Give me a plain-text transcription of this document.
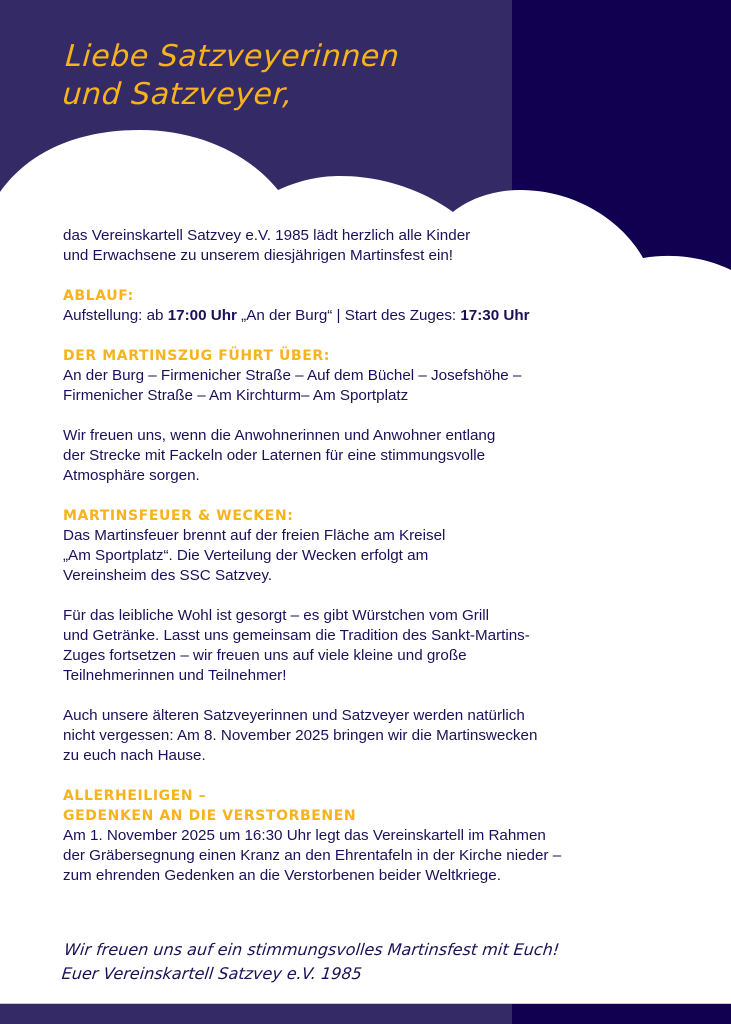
Liebe Satzveyerinnen
und Satzveyer,

das Vereinskartell Satzvey e.V. 1985 lädt herzlich alle Kinder
und Erwachsene zu unserem diesjährigen Martinsfest ein!

ABLAUF:

Aufstellung: ab 17:00 Uhr „An der Burg“ | Start des Zuges: 17:30 Uhr

DER MARTINSZUG FÜHRT ÜBER:

An der Burg – Firmenicher Straße – Auf dem Büchel – Josefshöhe –
Firmenicher Straße – Am Kirchturm– Am Sportplatz

Wir freuen uns, wenn die Anwohnerinnen und Anwohner entlang
der Strecke mit Fackeln oder Laternen für eine stimmungsvolle
Atmosphäre sorgen.

MARTINSFEUER & WECKEN:

Das Martinsfeuer brennt auf der freien Fläche am Kreisel
„Am Sportplatz“. Die Verteilung der Wecken erfolgt am
Vereinsheim des SSC Satzvey.

Für das leibliche Wohl ist gesorgt – es gibt Würstchen vom Grill
und Getränke. Lasst uns gemeinsam die Tradition des Sankt-Martins-
Zuges fortsetzen – wir freuen uns auf viele kleine und große
Teilnehmerinnen und Teilnehmer!

Auch unsere älteren Satzveyerinnen und Satzveyer werden natürlich
nicht vergessen: Am 8. November 2025 bringen wir die Martinswecken
zu euch nach Hause.

ALLERHEILIGEN –
GEDENKEN AN DIE VERSTORBENEN

Am 1. November 2025 um 16:30 Uhr legt das Vereinskartell im Rahmen
der Gräbersegnung einen Kranz an den Ehrentafeln in der Kirche nieder –
zum ehrenden Gedenken an die Verstorbenen beider Weltkriege.

Wir freuen uns auf ein stimmungsvolles Martinsfest mit Euch!
Euer Vereinskartell Satzvey e.V. 1985
